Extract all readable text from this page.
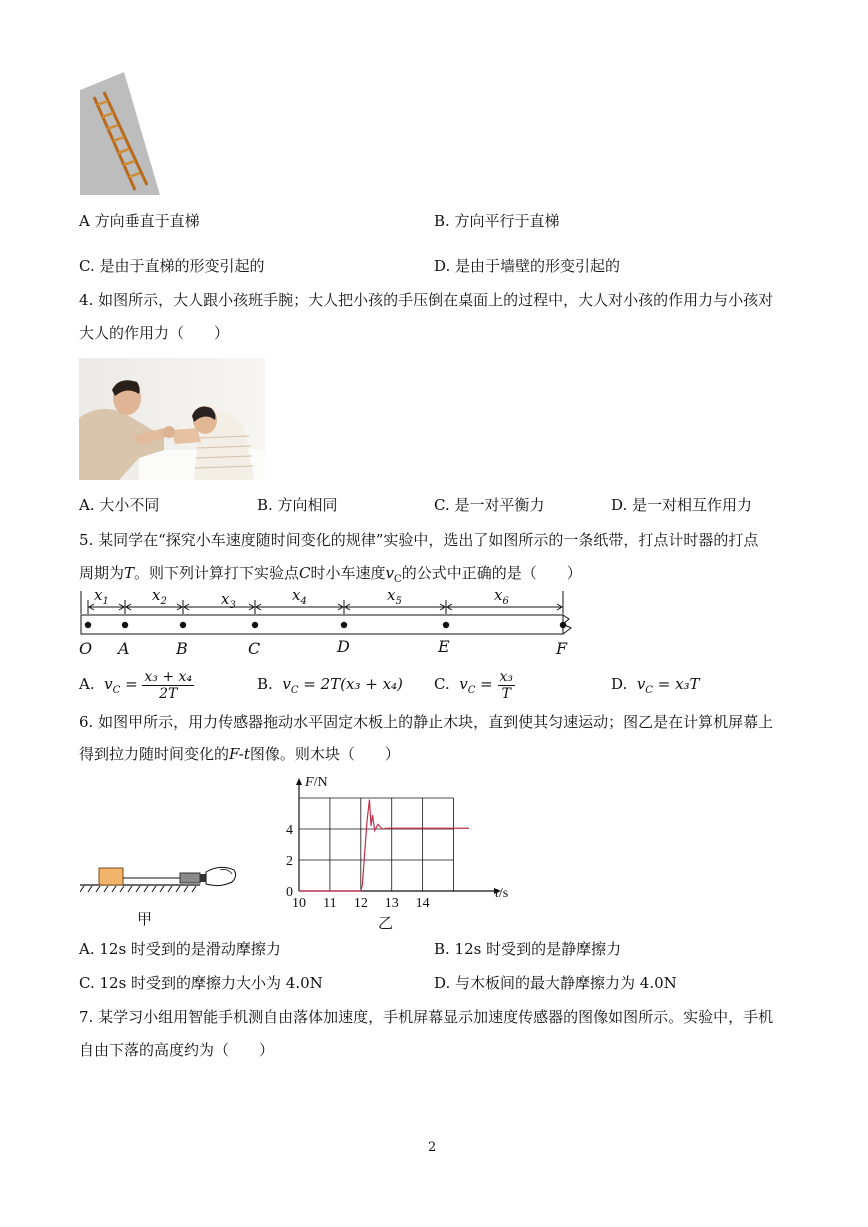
A 方向垂直于直梯	B. 方向平行于直梯
C. 是由于直梯的形变引起的	D. 是由于墙壁的形变引起的
4. 如图所示，大人跟小孩班手腕；大人把小孩的手压倒在桌面上的过程中，大人对小孩的作用力与小孩对
大人的作用力（　　）
A. 大小不同	B. 方向相同	C. 是一对平衡力	D. 是一对相互作用力
5. 某同学在“探究小车速度随时间变化的规律”实验中，选出了如图所示的一条纸带，打点计时器的打点
周期为T。则下列计算打下实验点C时小车速度$v_C$的公式中正确的是（　　）
$x_1$	$x_2$	$x_3$
$x_4$	$x_5$	$x_6$
O A	B	C	D	E	F
A. $v_C = \frac{\text{x₃ + x₄}}{2T}$	B. $v_C = 2T(x_3 + x_4)$ C. $v_C = \frac{\text{x₃}}{T}$	D. $v_C = x_3T$
6. 如图甲所示，用力传感器拖动水平固定木板上的静止木块，直到使其匀速运动；图乙是在计算机屏幕上
得到拉力随时间变化的F-t图像。则木块（　　）
甲
10 11 12 13 14
0
2
4
F/N
t/s
乙
A. 12s 时受到的是滑动摩擦力	B. 12s 时受到的是静摩擦力
C. 12s 时受到的摩擦力大小为 4.0N	D. 与木板间的最大静摩擦力为 4.0N
7. 某学习小组用智能手机测自由落体加速度，手机屏幕显示加速度传感器的图像如图所示。实验中，手机
自由下落的高度约为（　　）
2
